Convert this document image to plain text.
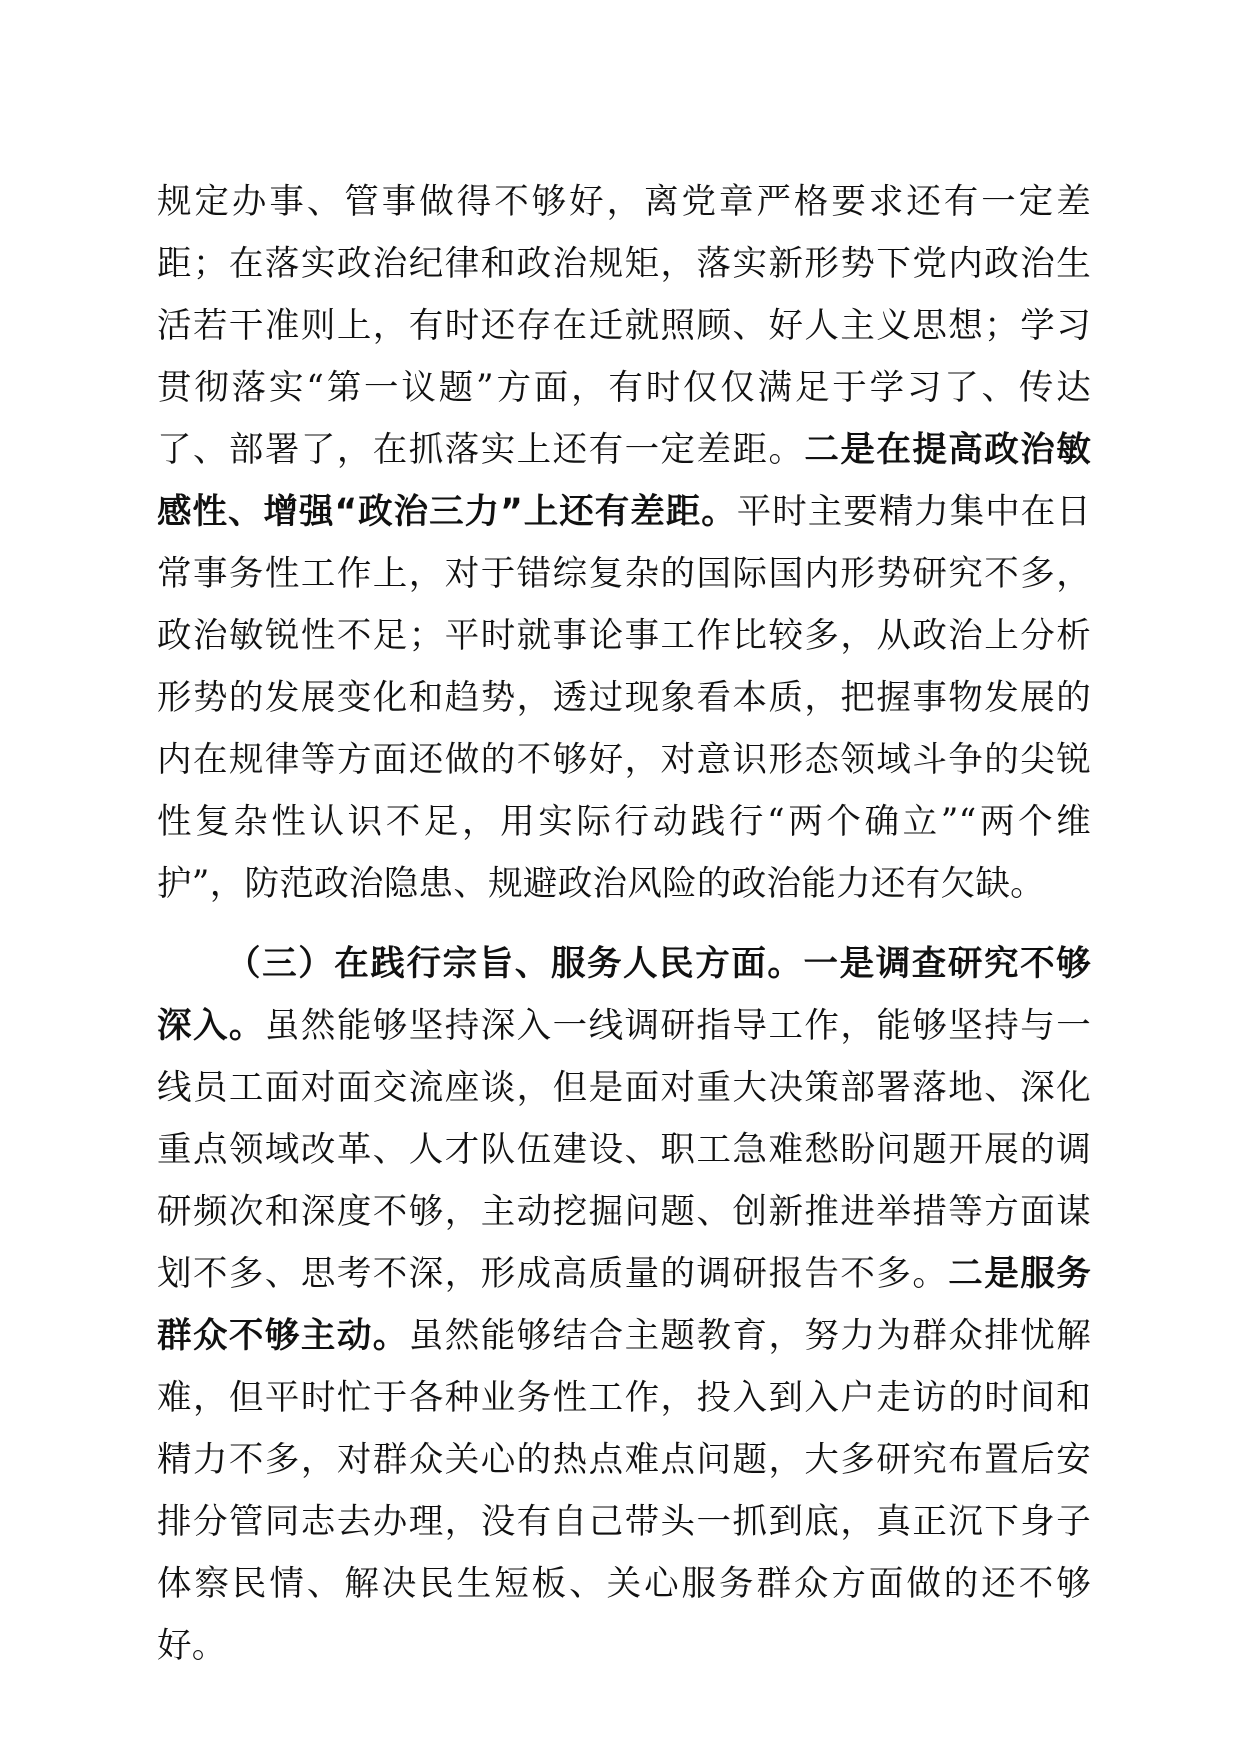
规定办事、管事做得不够好，离党章严格要求还有一定差距；在落实政治纪律和政治规矩，落实新形势下党内政治生活若干准则上，有时还存在迁就照顾、好人主义思想；学习贯彻落实“第一议题”方面，有时仅仅满足于学习了、传达了、部署了，在抓落实上还有一定差距。二是在提高政治敏感性、增强“政治三力”上还有差距。平时主要精力集中在日常事务性工作上，对于错综复杂的国际国内形势研究不多，政治敏锐性不足；平时就事论事工作比较多，从政治上分析形势的发展变化和趋势，透过现象看本质，把握事物发展的内在规律等方面还做的不够好，对意识形态领域斗争的尖锐性复杂性认识不足，用实际行动践行“两个确立”“两个维护”，防范政治隐患、规避政治风险的政治能力还有欠缺。

（三）在践行宗旨、服务人民方面。一是调查研究不够深入。虽然能够坚持深入一线调研指导工作，能够坚持与一线员工面对面交流座谈，但是面对重大决策部署落地、深化重点领域改革、人才队伍建设、职工急难愁盼问题开展的调研频次和深度不够，主动挖掘问题、创新推进举措等方面谋划不多、思考不深，形成高质量的调研报告不多。二是服务群众不够主动。虽然能够结合主题教育，努力为群众排忧解难，但平时忙于各种业务性工作，投入到入户走访的时间和精力不多，对群众关心的热点难点问题，大多研究布置后安排分管同志去办理，没有自己带头一抓到底，真正沉下身子体察民情、解决民生短板、关心服务群众方面做的还不够好。
